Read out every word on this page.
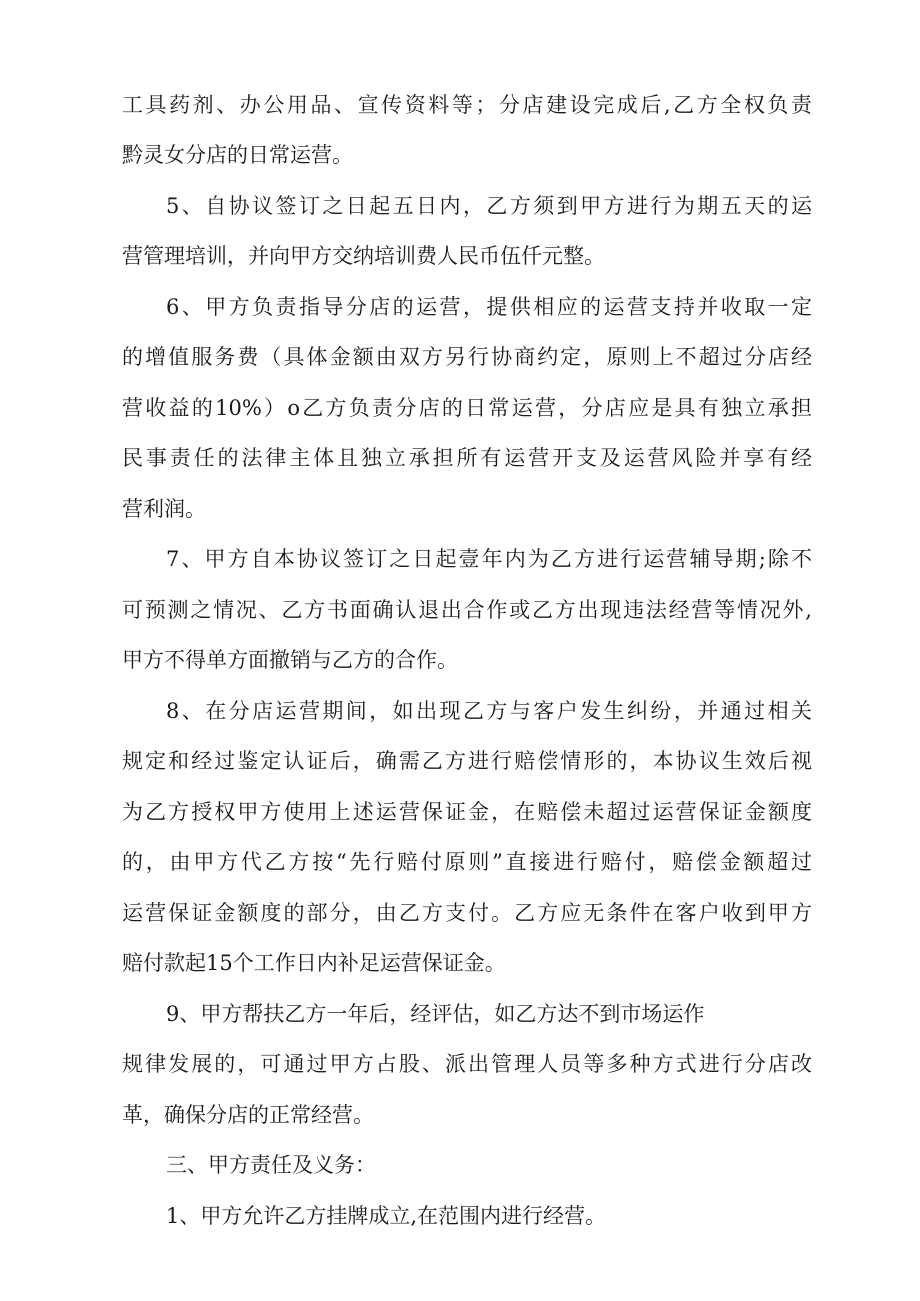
工具药剂、办公用品、宣传资料等；分店建设完成后,乙方全权负责
黔灵女分店的日常运营。
5、自协议签订之日起五日内，乙方须到甲方进行为期五天的运
营管理培训，并向甲方交纳培训费人民币伍仟元整。
6、甲方负责指导分店的运营，提供相应的运营支持并收取一定
的增值服务费（具体金额由双方另行协商约定，原则上不超过分店经
营收益的10%）o乙方负责分店的日常运营，分店应是具有独立承担
民事责任的法律主体且独立承担所有运营开支及运营风险并享有经
营利润。
7、甲方自本协议签订之日起壹年内为乙方进行运营辅导期;除不
可预测之情况、乙方书面确认退出合作或乙方出现违法经营等情况外,
甲方不得单方面撤销与乙方的合作。
8、在分店运营期间，如出现乙方与客户发生纠纷，并通过相关
规定和经过鉴定认证后，确需乙方进行赔偿情形的，本协议生效后视
为乙方授权甲方使用上述运营保证金，在赔偿未超过运营保证金额度
的，由甲方代乙方按“先行赔付原则”直接进行赔付，赔偿金额超过
运营保证金额度的部分，由乙方支付。乙方应无条件在客户收到甲方
赔付款起15个工作日内补足运营保证金。
9、甲方帮扶乙方一年后，经评估，如乙方达不到市场运作
规律发展的，可通过甲方占股、派出管理人员等多种方式进行分店改
革，确保分店的正常经营。
三、甲方责任及义务：
1、甲方允许乙方挂牌成立,在范围内进行经营。
